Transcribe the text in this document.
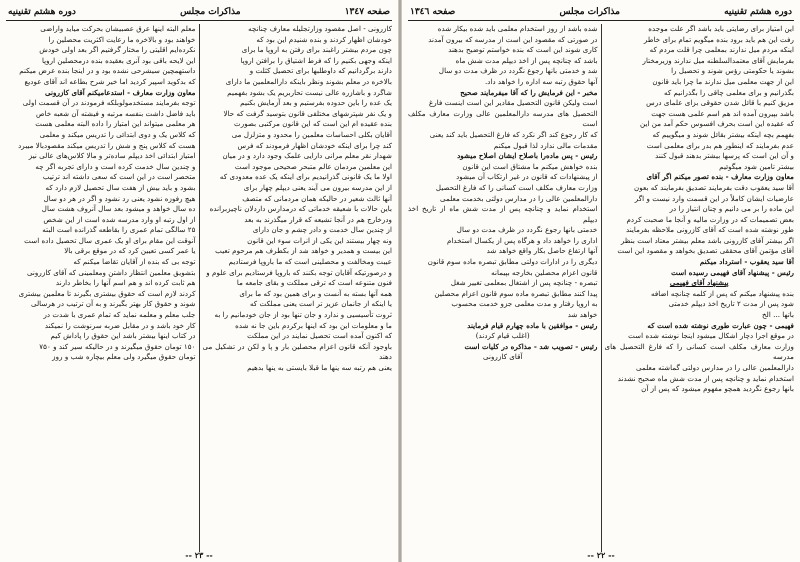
صفحه ١٣٤٧
مذاکرات مجلس
دوره هشتم تقنينيه

کازرونی - اصل مقصود وزارتجلیله معارف چنانچه

خودشان اظهار کردند و بنده شنیدم این بود که

چون مردم بیشتر راغبند برای رفتن به اروپا ما برای

اینکه وجهی بکنیم را که فرط اشتیاق را برافتن اروپا

دارند برگردانیم که داوطلبها برای تحصیل کثلت و

بالاخره در معلم بشوند ونظر باینکه دارالمعلمین ما دارای

شاگرد و باشازره عالی نیست تحاربریم یک بشود بفهمیم

یک عده را باین حدوده بفرستیم و بعد آزمایش بکنیم

و یک نفر شپترشهای مختلفی قانون بتوسید گرفت که حالا

بنده عقیده ام این است که این قانون مرکتبی بصورت

آقایان بکلی احساسات معلمین را محدود و متزلزل می

کند چرا برای اینکه خودشان اظهار فرمودند که فرس

شهدار نقر معلم مرانی دارایی علمک وجود دارد و در میان

این معلمین مردمان عالم متبحر صحیحی موجود است

اولا ما یک قانونی گذرانیدیم برای اینکه یک عده معدودی که

از این مدرسه بیرون می آیند یعنی دیپلم چهار برای

آنها ثالث شعیر در حالیکه همان مردمانی که متصف

باین حالات با شعیقه خدماتی که درمدارس داردلان ناچیزبرانده

ودرخارج هم در آنجا تشیعه که قرار میگذرند به بعد

از چندین سال خدمت و دادر چشم و جان دارای

ونه چهار بیستند این یکی از انرات سوء این قانون

این بیست و همدیر و خواهد شد از بکطرف هم مرحوم تعیب

عیبت ومخالفت و محصلینی است که ما باروپا فرستادیم

و درصورتیکه آقایان توجه بکنند که باروپا فرستادیم برای علوم و

فنون متنوعه است که ترقی مملکت و بقای جامعه ما

همه آنها بسته به آنست و برای همین بود که ما برای

یا اینکه از جانمان عزیز تر است یعنی مملکت که

ثروت تأسیسیی و ندارد و جان تنها بود از جان خودمانیم را به

ما و معلومات این بود که اینها برکردم باین جا نه شده

که اکنون آمده است تحصیل نمایند در این مملکت

باوجود آنکه قانون اعزام محصلین بار و پا و لکن در تشکیل می دهند

یعنی هم رتبه سه ینها ما قبلا بایستی به ینها بدهیم

معلم البته اینها عرق عصبیشان بحرکت میاید واراضی

خواهند بود و بالاخره ما رعایت اکثریت محصلین را

نکرده‌ایم اقلیتی را مختار گرفتیم اگر بعد اولی خودش

این لایحه باقی بود آنری بعقیده بنده درمحصلین اروپا

داستهمچین سیشرحی نشده بود و در اینجا بنده عرض میکنم

که بدکوید اسپیر کردید اما خیر شرح بطاعه اند آقای عودیع

معاون وزارت معارف - استدعامیکنم آقای کازرونی

توجه بفرمایند مستخدمولوبلکه فرمودند در آن قسمت اولی

باید فاضل داشت بنفسه مرتبه و فیشته آن شعبه خاص

هر معلمی میتواند این امتیاز را داده البته معلمی هست

که کلاس یک و دوی ابتدائی را تدریس میکند و معلمی

هست که کلاس پنج و شش را تدریس میکند مقصودبالا میبرد

امتیاز ابتدائی اخذ دیپلم ساده‌تر و مالا کلاس‌های عالی نیز

و چندین سال خدمت کرده است و دارای تجربه اگر چه

متحصر است در این است که سعی داشته اند ترتیب

بشود و باید بیش از هفت سال تحصیل لازم دارد که

هیچ رفوزه نشود یعنی رد نشود و اگر در هر دو سال

ده سال خواهد و میشود بعد سال آنروف هشت سال

از اول رتبه او وارد مدرسه شده است از این شخص

۲۵ سالگی تمام عمری را بقاطعه گذرانده است البته

آنوقت این مقام برای او یک عمری سال تحصیل داده است

یا عمر کسی تعیین کرد که در موقع برقی بالا

توجه بی که بنده از آقایان تقاضا میکنم که

بتشویق معلمین انتظار داشتن ومعلمینی که آقای کازرونی

هم ثابت کرده اند و هم اسم آنها را بخاطر دارند

کردند لازم است که حقوق بیشتری بگیرند تا معلمین بیشتری

شوند و حقوق کار بهتر بگیرند و به آن ترتیب در هرسالی

جلب معلم و معلمه نماید که تمام عمری با شدت در

کار خود باشد و در مقابل ضربه سرنوشت را نمیکند

در کتاب اینها بیشتر باشد این حقوق را پاداش کیم

۱۵۰ تومان حقوق میگیرند و در حالیکه سیر کند و ۷۵۰

تومان حقوق میگیرد ولی معلم بیچاره شب و روز

-- ٢٣ --
دوره هشتم تقنينيه
مذاکرات مجلس
صفحه ١٣٤٦

این امتیاز برای رضایتی باید باشد اگر علت موجده

رفت این هم باید برود بنده میگویم تمام برای خاطر

اینکه مردم میل ندارند بمعلمی چرا قلت مردم که

بفرمایش آقای معتمدالسلطنه میل ندارند وزیرمختار

بشوند یا حکومتی رؤس شوند و تحصیل را

این از جهت معلمی میل ندارند ما چرا باید قانون

بگذرانیم و برای معلمی چاقی را بگذرانیم که

مزیق کنیم با قائل شدن حقوقی بزای علمای درس

باشد بپیرون آمده اند هم اسم علمی هست جهت

که عقیده این است بحرف افسوس حکم آمد من این

بفهمم بچه اینکه بیشتر بقائل شوند و میگوییم که

عدم بفرمایند که اینطور هم بدر برای معلمی است

و آن این است که پرسها بیشتر بدهند قبول کنند

بیشتر تامین شود میگوئیم

معاون وزارت معارف - بنده تصور میکنم اگر آقای

آقا سید یعقوب دقت بفرمایند تصدیق بفرمایند که بعون

عارضیات ایشان کاملاً در این قسمت وارد نیست و اگر

این ماده را بر می دانیم و چنان انتیاز را در

بعض تصمیمات که در وزارت مالیه و آنجا ما صحبت کردم

طور نوشته شده است که آقای کازرونی ملاحظه بفرمایند

اگر بیشتر آقای کازرونی باشد معلم بیشتر معتاد است بنظر

آقای مؤتمن آقای محققی تصدیق بخواهد و مقصود این است

آقا سید یعقوب - استرداد میکنم

رئیس - پیشنهاد آقای فهیمی رسیده است

پیشنهاد آقای فهیمی

بنده پیشنهاد میکنم که پس از کلمه چنانچه اضافه

شود پس از مدت ۲ تاریخ اخذ دیپلم خدمتی

باتها ... الخ

فهیمی - چون عبارت طوری نوشته شده است که

در موقع اجرا دچار اشکال میشود اینجا نوشته شده است

وزارت معارف مکلف است کسانی را که فارغ التحصیل های مدرسه

دارالمعلمین عالی را در مدارس دولتی گماشته معلمی

استخدام نماید و چنانچه پس از مدت شش ماه صحیح نشدند

بانها رجوع نگردید همچو مفهوم میشود که پس از آن

شده باشد از روز استخدام معلمی باید شده بیکار شده

در صورتی که مقصود این است از مدرسه که بیرون آمدند

کاری شوند این است که بنده خواستم توضیح بدهند

باشد که چنانچه پس از اخذ دیپلم مدت شش ماه

شد و خدمتی بانها رجوع نگردد در ظرف مدت دو سال

آنها حقوق رتبه سه اداره را خواهد داد.

مخبر - این فرمایش را که آقا میفرمایند صحیح

است ولیکن قانون التحصیل مقادیر این است اینست فارغ

التحصیل های مدرسه دارالمعلمین عالی وزارت معارف مکلف است

که کار رجوع کند اگر نکرد که فارغ التحصیل باید کند یعنی

مقدمات مالی ندارد لذا قبول میکنم

رئیس - پس ماده‌را باصلاح ایشان اصلاح میشود

بنده خواهش میکنم ما مشتاق است این قانون

از پیشنهادات که قانون در غیر ارتکاب آن میشود

وزارت معارف مکلف است کسانی را که فارغ التحصیل

دارالمعلمین عالی را در مدارس دولتی بخدمت معلمی

استخدام نماید و چنانچه پس از مدت شش ماه از تاریخ اخذ دیپلم

خدمتی بانها رجوع نگردد در ظرف مدت دو سال

اداری را خواهد داد و هرگاه پس از یکسال استخدام

آنها ارتفاع حاصل بکار واقع خواهد شد

دیگری را در ادارات دولتی مطابق تبصره ماده سوم قانون

قانون اعزام محصلین بخارجه بپیمانه

تبصره - چنانچه پس از اشتغال بمعلمی تغییر شغل

پیدا کنند مطابق تبصره ماده سوم قانون اعزام محصلین

به اروپا رفتار و مدت معلمی جزو خدمت محسوب

خواهد شد

رئیس - موافقین با ماده چهارم قیام فرمایند

(اغلب قیام کردند)

رئیس - تصویب شد - مذاکره در کلیات است

آقای کازرونی

-- ٢٢ --
